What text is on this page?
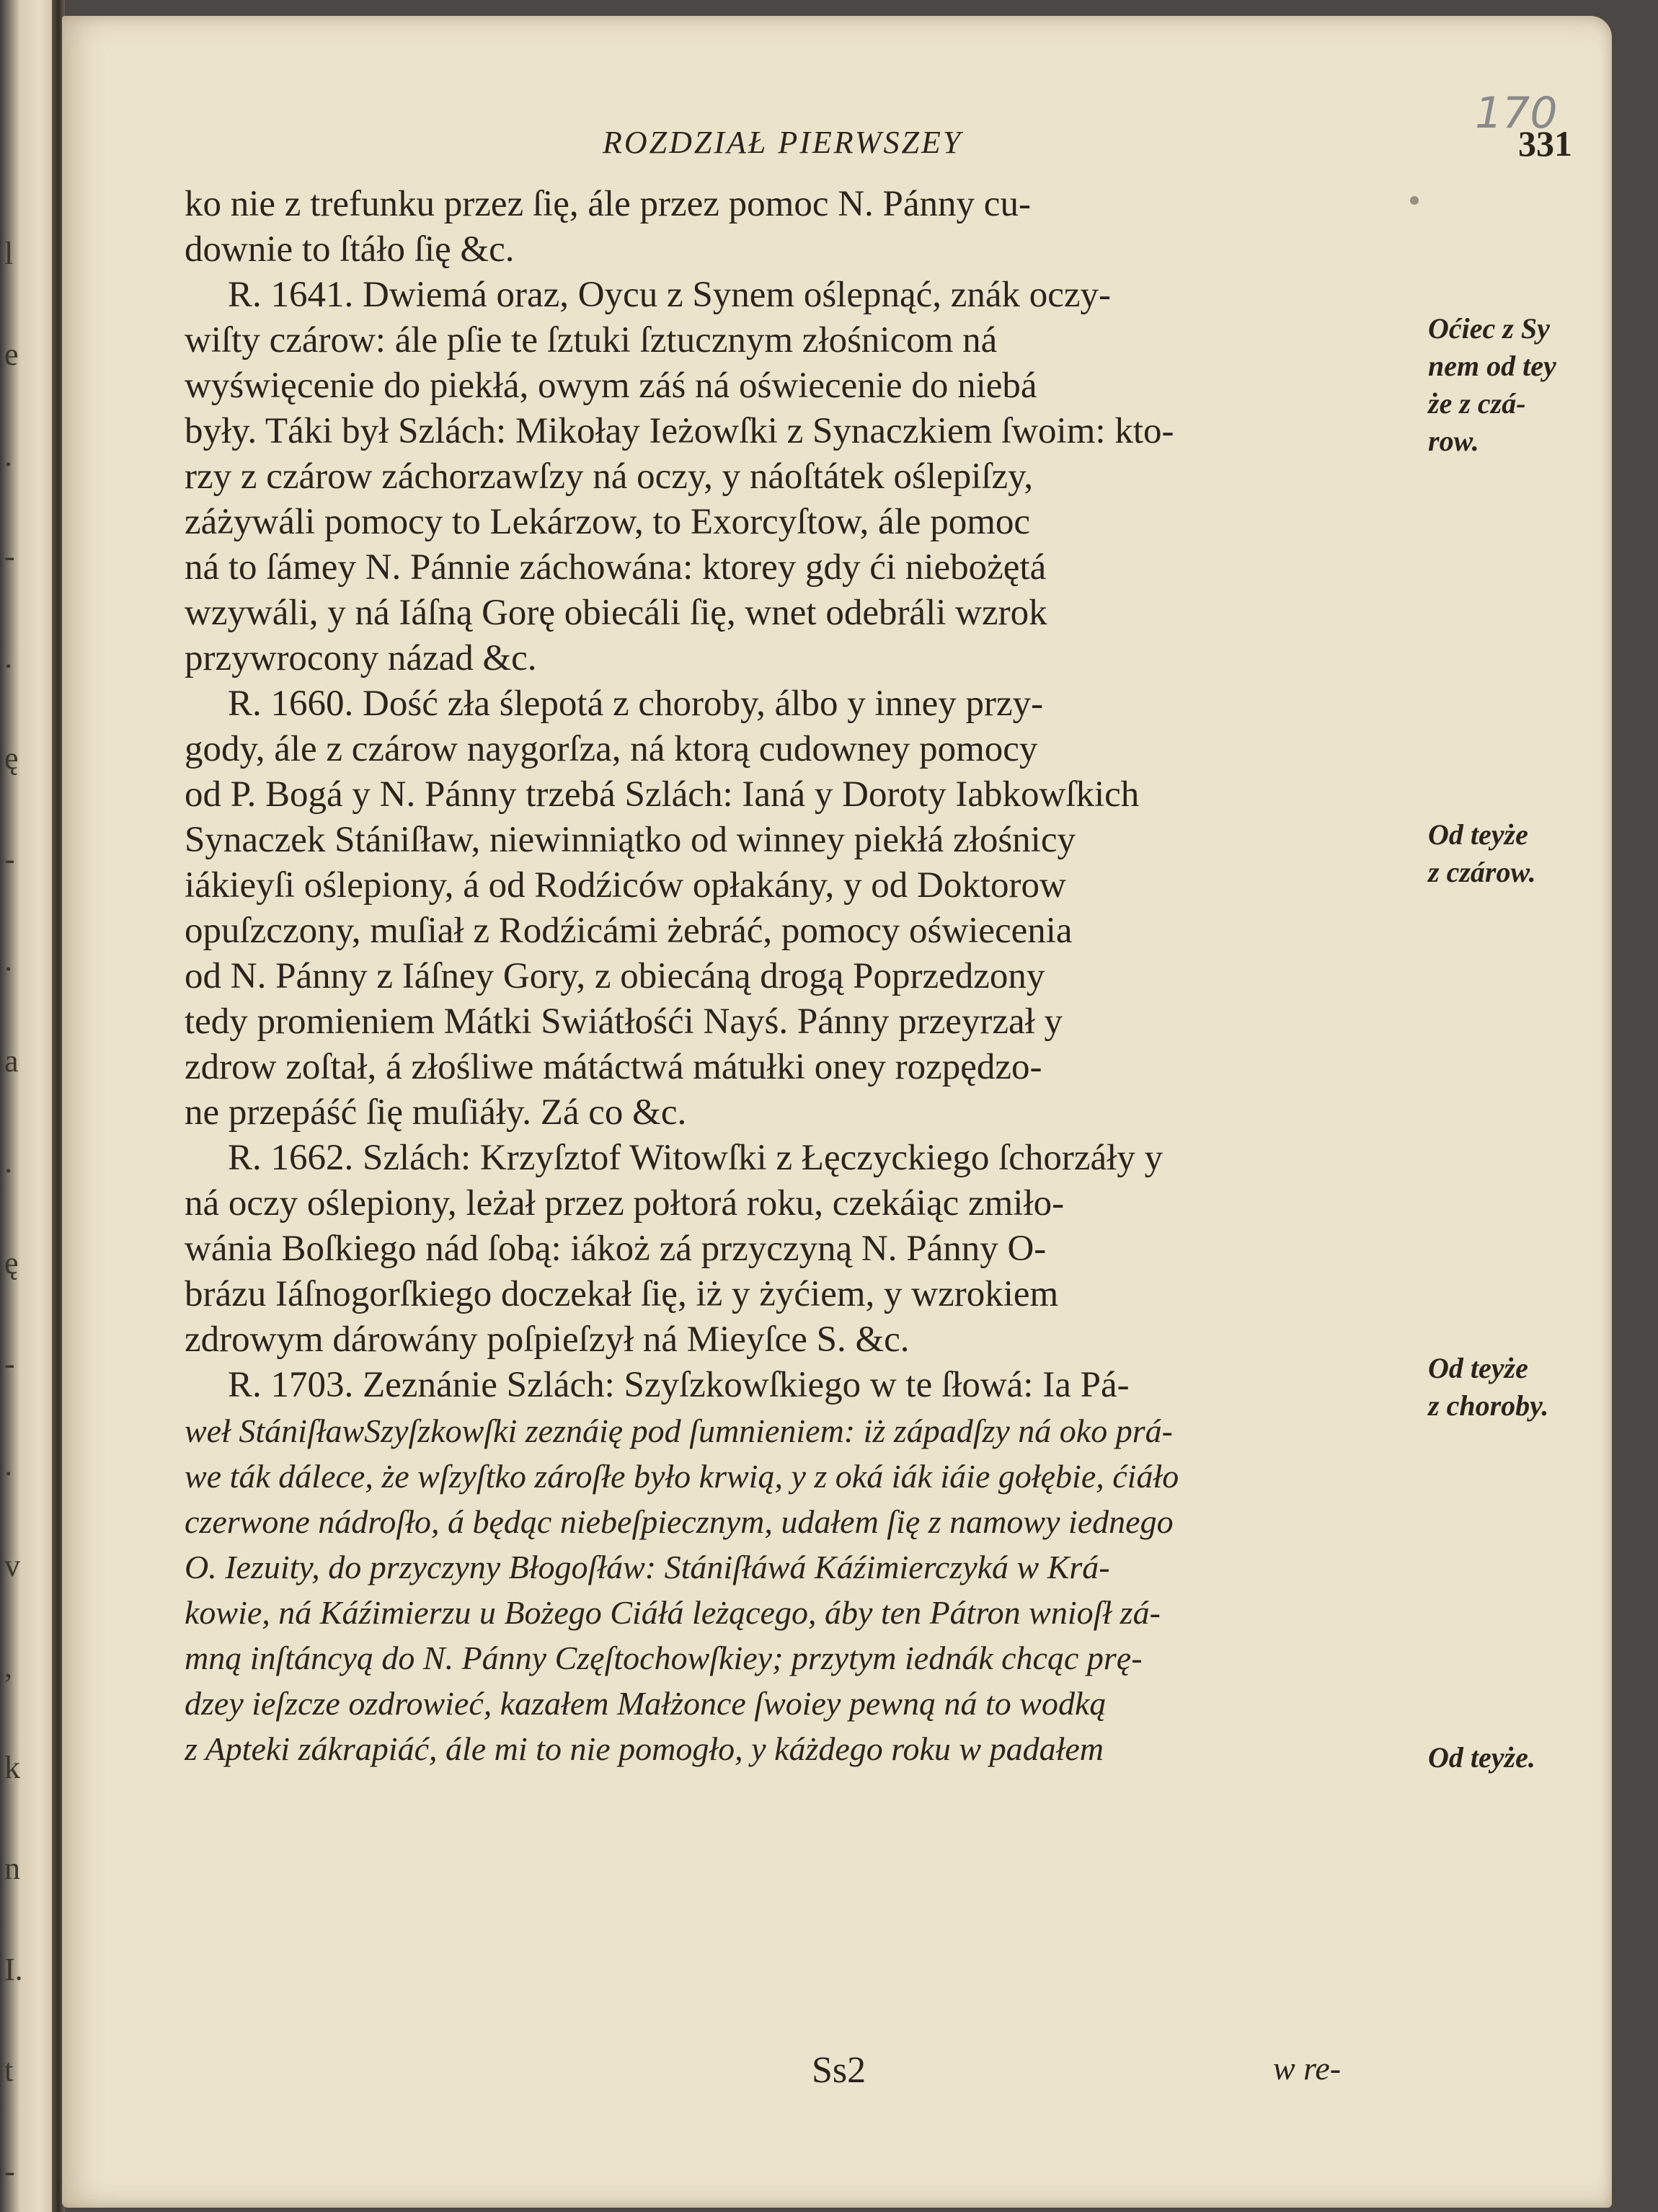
l
e
.
-
.
ę
-
.
a
.
ę
-
.
v
,
k
n
I.
t
-
170
ROZDZIAŁ PIERWSZEY	331
ko nie z trefunku przez ſię, ále przez pomoc N. Pánny cu-
downie to ſtáło ſię &c.
R. 1641. Dwiemá oraz, Oycu z Synem oślepnąć, znák oczy-
wiſty czárow: ále pſie te ſztuki ſztucznym złośnicom ná
wyświęcenie do piekłá, owym záś ná oświecenie do niebá
były. Táki był Szlách: Mikołay Ieżowſki z Synaczkiem ſwoim: kto-
rzy z czárow záchorzawſzy ná oczy, y náoſtátek oślepiſzy,
záżywáli pomocy to Lekárzow, to Exorcyſtow, ále pomoc
ná to ſámey N. Pánnie záchowána: ktorey gdy ći niebożętá
wzywáli, y ná Iáſną Gorę obiecáli ſię, wnet odebráli wzrok
przywrocony názad &c.
R. 1660. Dość zła ślepotá z choroby, álbo y inney przy-
gody, ále z czárow naygorſza, ná ktorą cudowney pomocy
od P. Bogá y N. Pánny trzebá Szlách: Ianá y Doroty Iabkowſkich
Synaczek Stániſław, niewinniątko od winney piekłá złośnicy
iákieyſi oślepiony, á od Rodźiców opłakány, y od Doktorow
opuſzczony, muſiał z Rodźicámi żebráć, pomocy oświecenia
od N. Pánny z Iáſney Gory, z obiecáną drogą Poprzedzony
tedy promieniem Mátki Swiátłośći Nayś. Pánny przeyrzał y
zdrow zoſtał, á złośliwe mátáctwá mátułki oney rozpędzo-
ne przepáść ſię muſiáły. Zá co &c.
R. 1662. Szlách: Krzyſztof Witowſki z Łęczyckiego ſchorzáły y
ná oczy oślepiony, leżał przez połtorá roku, czekáiąc zmiło-
wánia Boſkiego nád ſobą: iákoż zá przyczyną N. Pánny O-
brázu Iáſnogorſkiego doczekał ſię, iż y żyćiem, y wzrokiem
zdrowym dárowány poſpieſzył ná Mieyſce S. &c.
R. 1703. Zeznánie Szlách: Szyſzkowſkiego w te ſłowá: Ia Pá-
weł StániſławSzyſzkowſki zeznáię pod ſumnieniem: iż západſzy ná oko prá-
we ták dálece, że wſzyſtko zároſłe było krwią, y z oká iák iáie gołębie, ćiáło
czerwone nádroſło, á będąc niebeſpiecznym, udałem ſię z namowy iednego
O. Iezuity, do przyczyny Błogoſłáw: Stániſłáwá Káźimierczyká w Krá-
kowie, ná Káźimierzu u Bożego Ciáłá leżącego, áby ten Pátron wnioſł zá-
mną inſtáncyą do N. Pánny Częſtochowſkiey; przytym iednák chcąc prę-
dzey ieſzcze ozdrowieć, kazałem Małżonce ſwoiey pewną ná to wodką
z Apteki zákrapiáć, ále mi to nie pomogło, y káżdego roku w padałem
Oćiec z Sy
nem od tey
że z czá-
row.
Od teyże
z czárow.
Od teyże
z choroby.
Od teyże.
Ss2	w re-
